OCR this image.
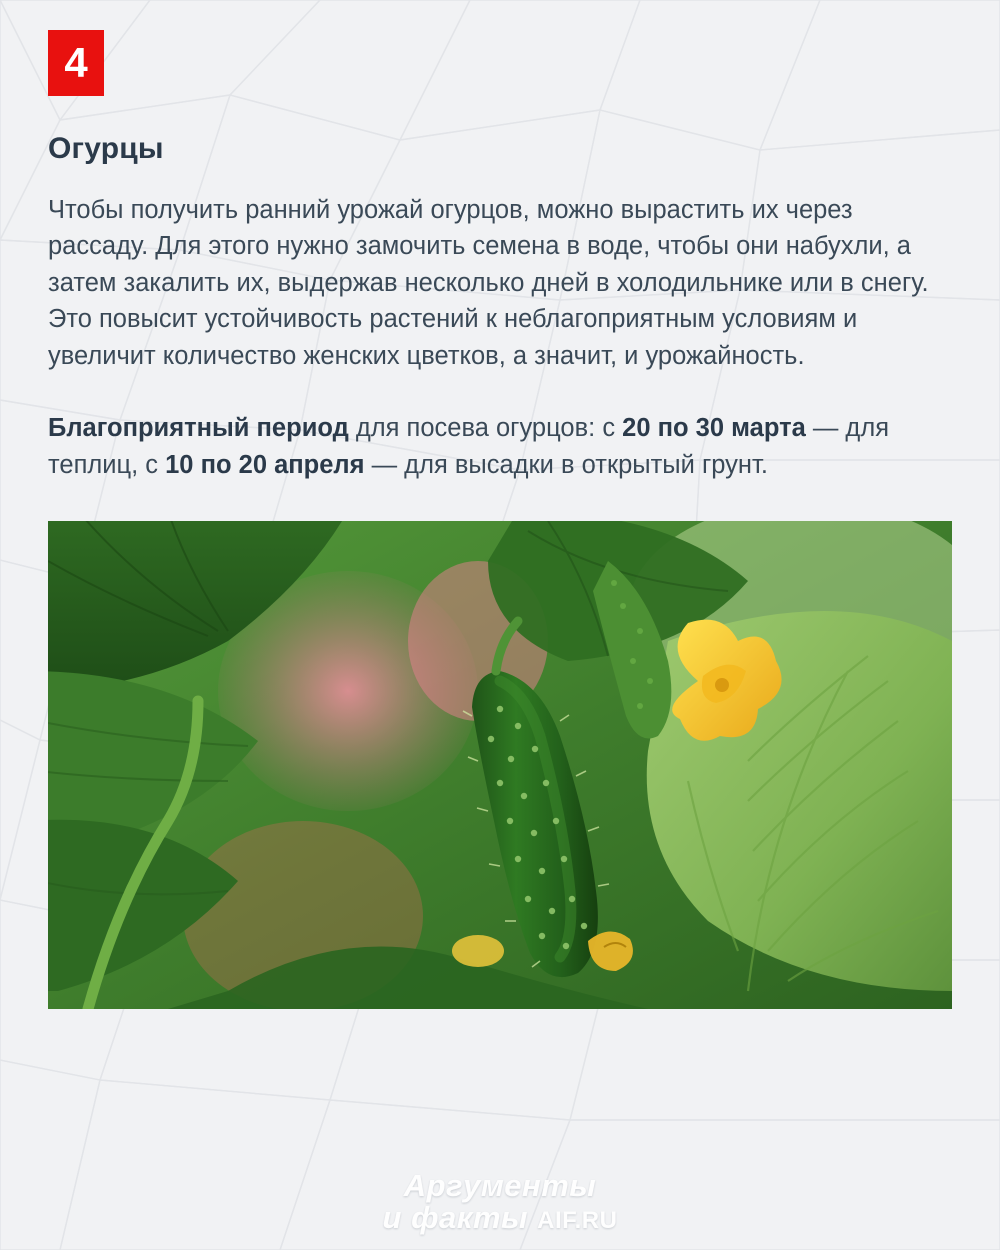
4
Огурцы

Чтобы получить ранний урожай огурцов, можно вырастить их через рассаду. Для этого нужно замочить семена в воде, чтобы они набухли, а затем закалить их, выдержав несколько дней в холодильнике или в снегу. Это повысит устойчивость растений к неблагоприятным условиям и увеличит количество женских цветков, а значит, и урожайность.

Благоприятный период для посева огурцов: с 20 по 30 марта — для теплиц, с 10 по 20 апреля — для высадки в открытый грунт.

Аргументы
и факты AIF.RU
